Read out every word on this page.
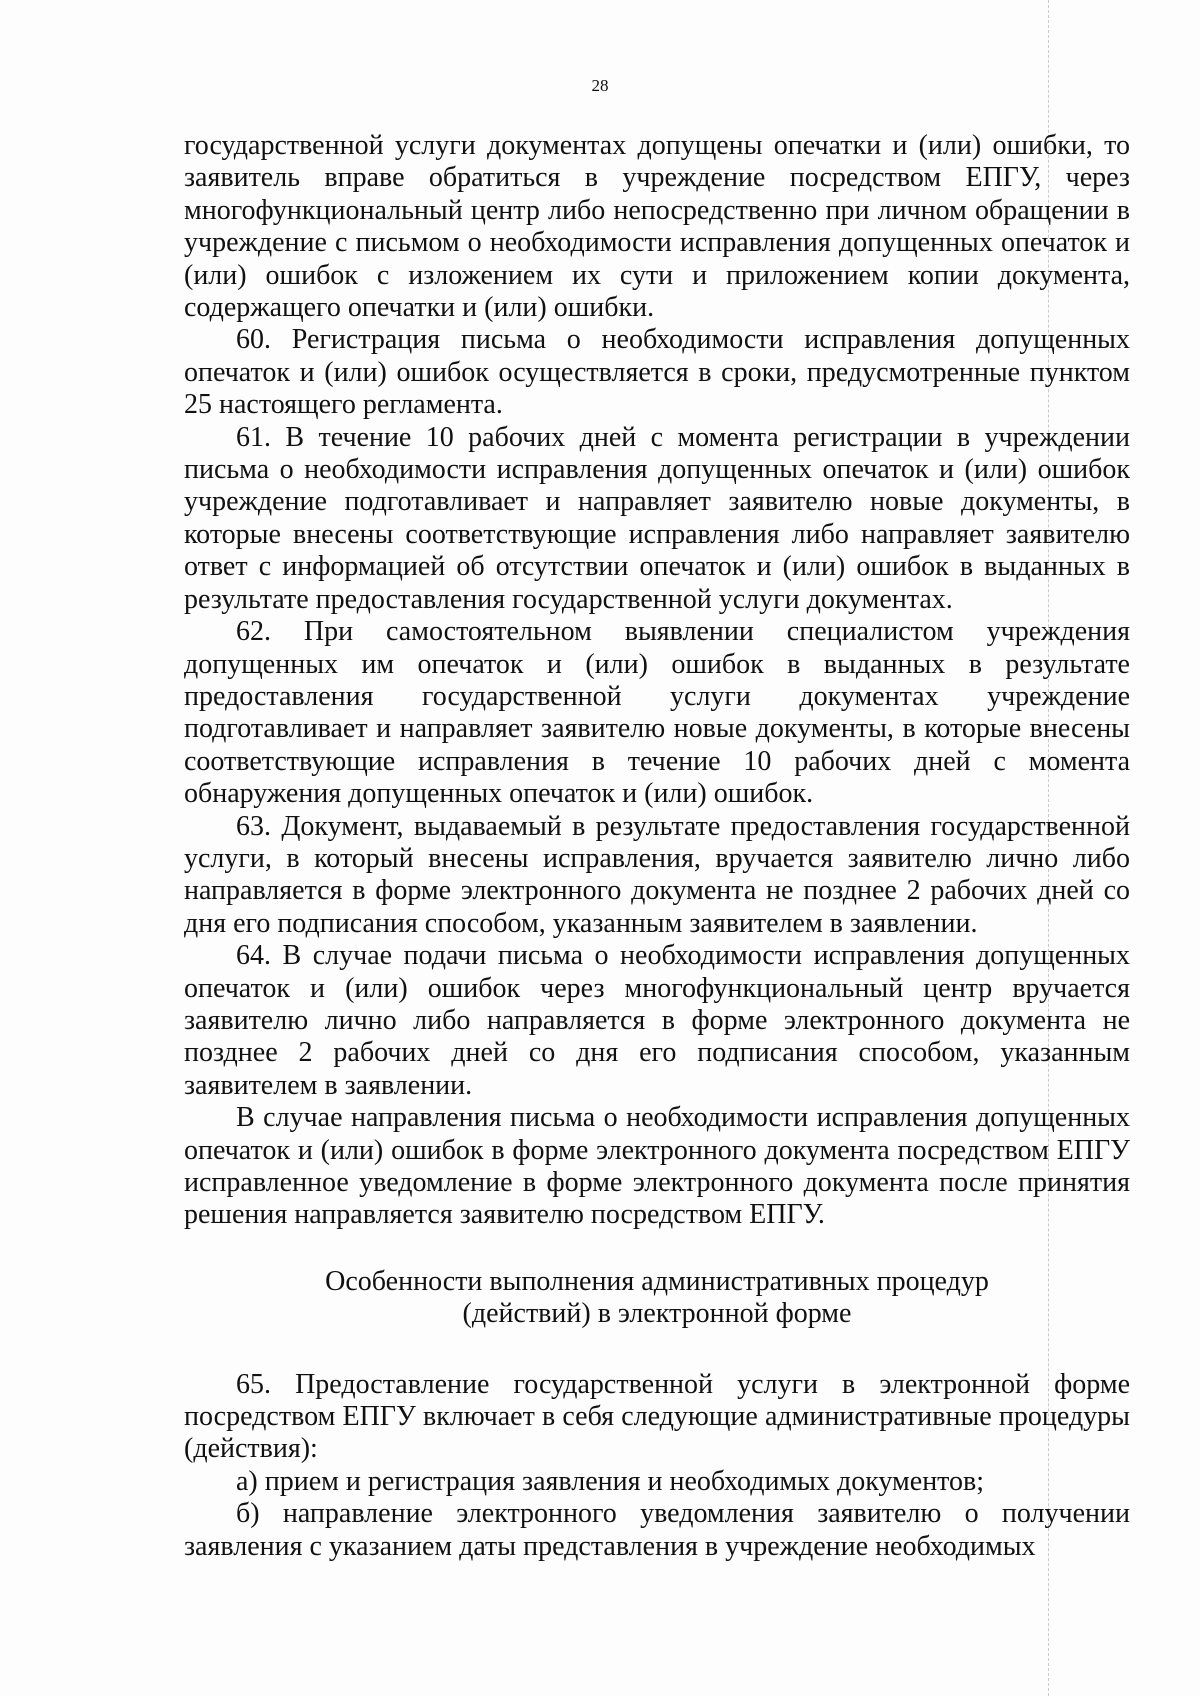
28

государственной услуги документах допущены опечатки и (или) ошибки, то заявитель вправе обратиться в учреждение посредством ЕПГУ, через многофункциональный центр либо непосредственно при личном обращении в учреждение с письмом о необходимости исправления допущенных опечаток и (или) ошибок с изложением их сути и приложением копии документа, содержащего опечатки и (или) ошибки.

60. Регистрация письма о необходимости исправления допущенных опечаток и (или) ошибок осуществляется в сроки, предусмотренные пунктом 25 настоящего регламента.

61. В течение 10 рабочих дней с момента регистрации в учреждении письма о необходимости исправления допущенных опечаток и (или) ошибок учреждение подготавливает и направляет заявителю новые документы, в которые внесены соответствующие исправления либо направляет заявителю ответ с информацией об отсутствии опечаток и (или) ошибок в выданных в результате предоставления государственной услуги документах.

62. При самостоятельном выявлении специалистом учреждения допущенных им опечаток и (или) ошибок в выданных в результате предоставления государственной услуги документах учреждение подготавливает и направляет заявителю новые документы, в которые внесены соответствующие исправления в течение 10 рабочих дней с момента обнаружения допущенных опечаток и (или) ошибок.

63. Документ, выдаваемый в результате предоставления государственной услуги, в который внесены исправления, вручается заявителю лично либо направляется в форме электронного документа не позднее 2 рабочих дней со дня его подписания способом, указанным заявителем в заявлении.

64. В случае подачи письма о необходимости исправления допущенных опечаток и (или) ошибок через многофункциональный центр вручается заявителю лично либо направляется в форме электронного документа не позднее 2 рабочих дней со дня его подписания способом, указанным заявителем в заявлении.

В случае направления письма о необходимости исправления допущенных опечаток и (или) ошибок в форме электронного документа посредством ЕПГУ исправленное уведомление в форме электронного документа после принятия решения направляется заявителю посредством ЕПГУ.

Особенности выполнения административных процедур
(действий) в электронной форме

65. Предоставление государственной услуги в электронной форме посредством ЕПГУ включает в себя следующие административные процедуры (действия):

а) прием и регистрация заявления и необходимых документов;

б) направление электронного уведомления заявителю о получении заявления с указанием даты представления в учреждение необходимых
